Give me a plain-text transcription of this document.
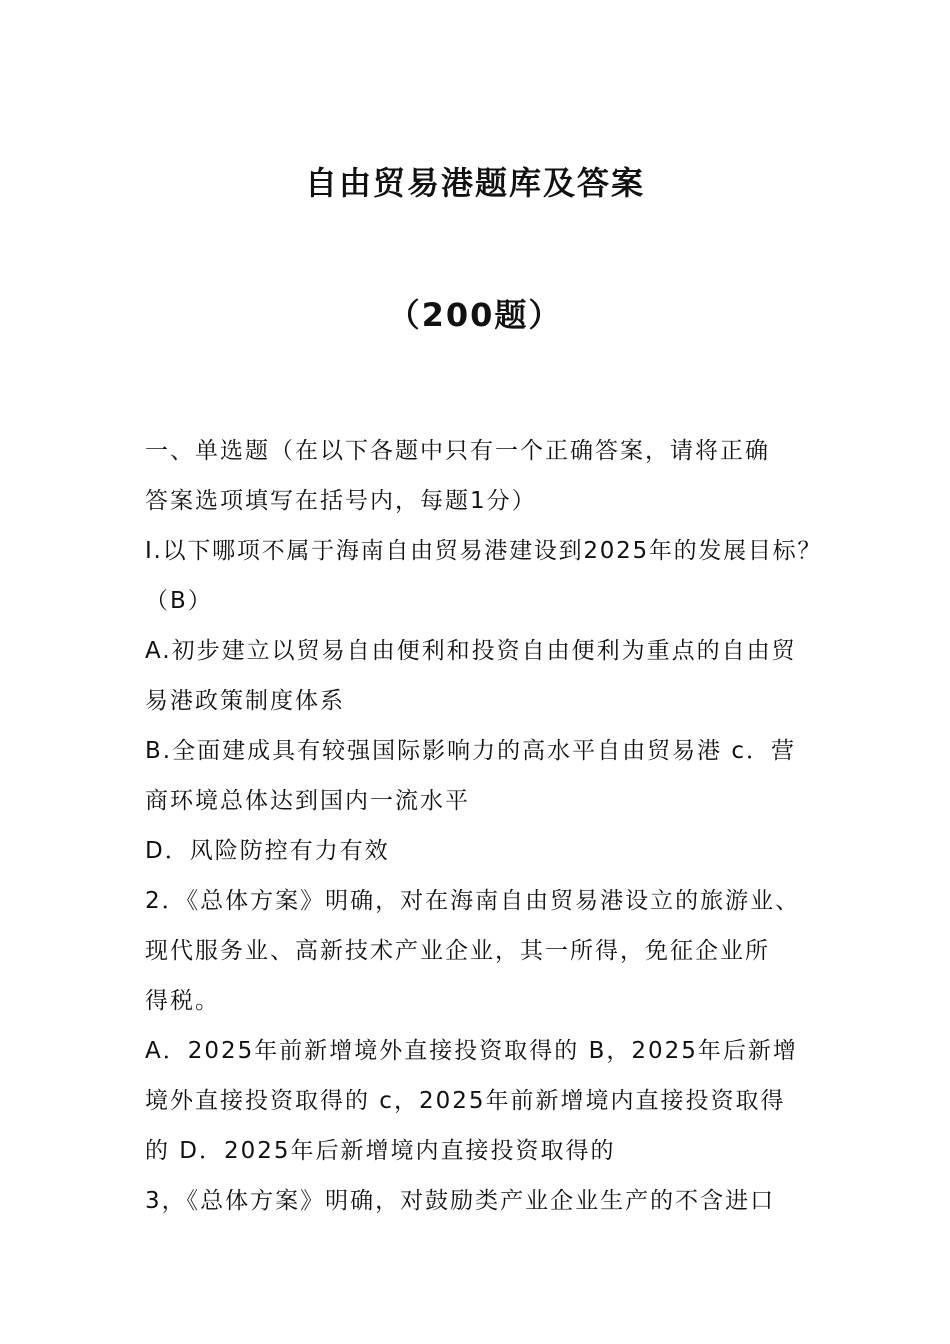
自由贸易港题库及答案
（200题）

一、单选题（在以下各题中只有一个正确答案，请将正确

答案选项填写在括号内，每题1分）

I.以下哪项不属于海南自由贸易港建设到2025年的发展目标？

（B）

A.初步建立以贸易自由便利和投资自由便利为重点的自由贸

易港政策制度体系

B.全面建成具有较强国际影响力的高水平自由贸易港 c．营

商环境总体达到国内一流水平

D．风险防控有力有效

2．《总体方案》明确，对在海南自由贸易港设立的旅游业、

现代服务业、高新技术产业企业，其一所得，免征企业所

得税。

A．2025年前新增境外直接投资取得的 B，2025年后新增

境外直接投资取得的 c，2025年前新增境内直接投资取得

的 D．2025年后新增境内直接投资取得的

3，《总体方案》明确，对鼓励类产业企业生产的不含进口
